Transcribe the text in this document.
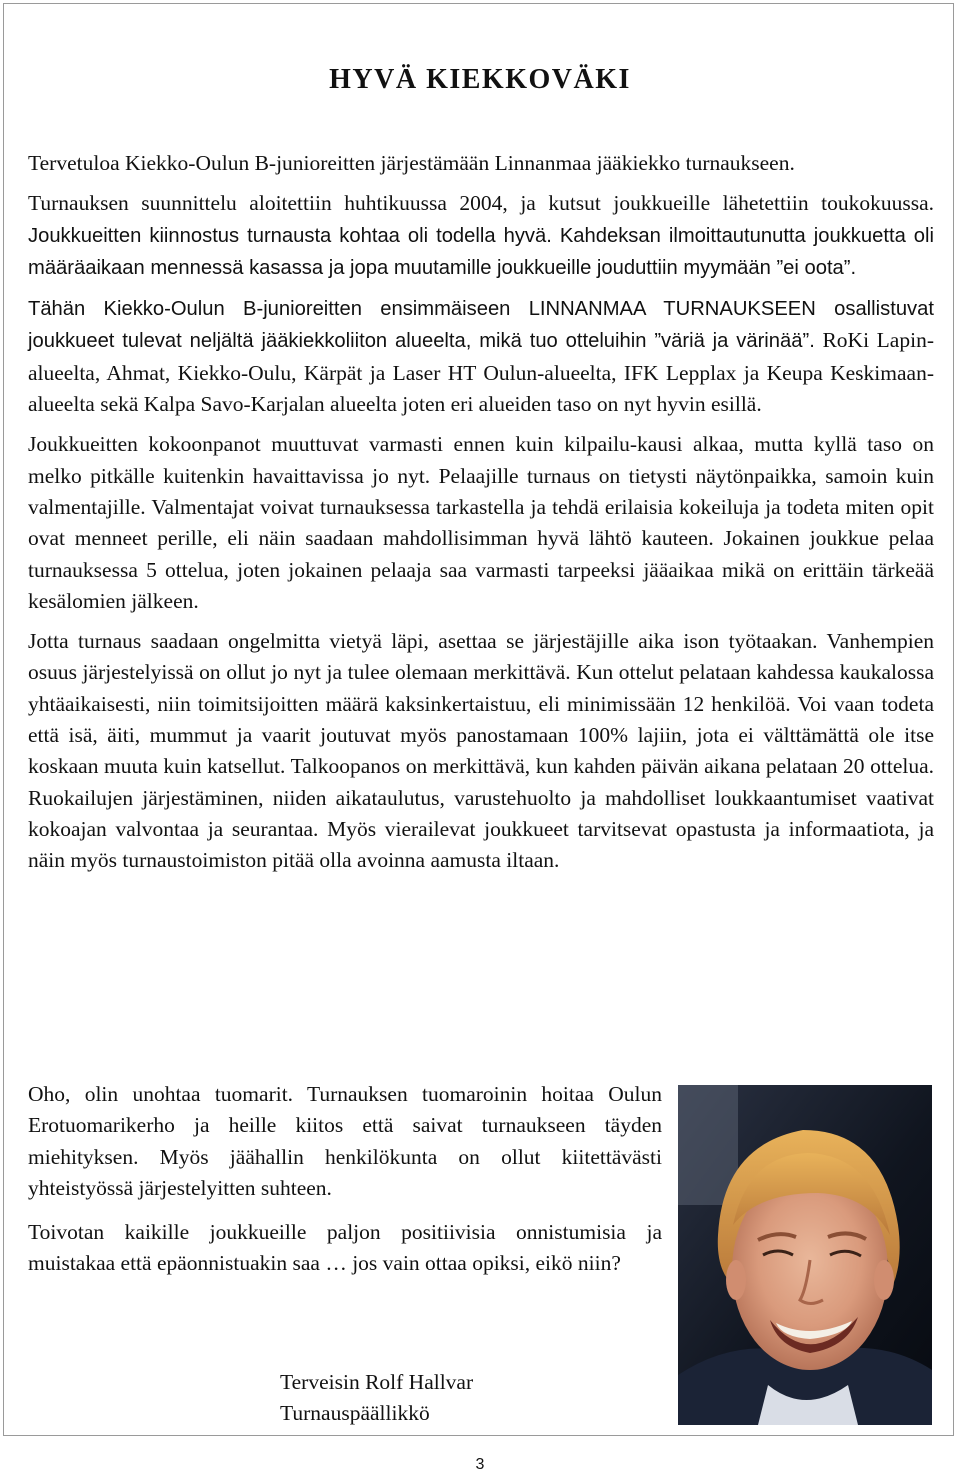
HYVÄ KIEKKOVÄKI

Tervetuloa Kiekko-Oulun B-junioreitten järjestämään Linnanmaa jääkiekko turnaukseen.

Turnauksen suunnittelu aloitettiin huhtikuussa 2004, ja kutsut joukkueille lähetettiin toukokuussa. Joukkueitten kiinnostus turnausta kohtaa oli todella hyvä. Kahdeksan ilmoittautunutta joukkuetta oli määräaikaan mennessä kasassa ja jopa muutamille joukkueille jouduttiin myymään ”ei oota”.

Tähän Kiekko-Oulun B-junioreitten ensimmäiseen LINNANMAA TURNAUKSEEN osallistuvat joukkueet tulevat neljältä jääkiekkoliiton alueelta, mikä tuo otteluihin ”väriä ja värinää”. RoKi Lapin-alueelta, Ahmat, Kiekko-Oulu, Kärpät ja Laser HT Oulun-alueelta, IFK Lepplax ja Keupa Keskimaan-alueelta sekä Kalpa Savo-Karjalan alueelta joten eri alueiden taso on nyt hyvin esillä.

Joukkueitten kokoonpanot muuttuvat varmasti ennen kuin kilpailu-kausi alkaa, mutta kyllä taso on melko pitkälle kuitenkin havaittavissa jo nyt. Pelaajille turnaus on tietysti näytönpaikka, samoin kuin valmentajille. Valmentajat voivat turnauksessa tarkastella ja tehdä erilaisia kokeiluja ja todeta miten opit ovat menneet perille, eli näin saadaan mahdollisimman hyvä lähtö kauteen. Jokainen joukkue pelaa turnauksessa 5 ottelua, joten jokainen pelaaja saa varmasti tarpeeksi jääaikaa mikä on erittäin tärkeää kesälomien jälkeen.

Jotta turnaus saadaan ongelmitta vietyä läpi, asettaa se järjestäjille aika ison työtaakan. Vanhempien osuus järjestelyissä on ollut jo nyt ja tulee olemaan merkittävä. Kun ottelut pelataan kahdessa kaukalossa yhtäaikaisesti, niin toimitsijoitten määrä kaksinkertaistuu, eli minimissään 12 henkilöä. Voi vaan todeta että isä, äiti, mummut ja vaarit joutuvat myös panostamaan 100% lajiin, jota ei välttämättä ole itse koskaan muuta kuin katsellut. Talkoopanos on merkittävä, kun kahden päivän aikana pelataan 20 ottelua. Ruokailujen järjestäminen, niiden aikataulutus, varustehuolto ja mahdolliset loukkaantumiset vaativat kokoajan valvontaa ja seurantaa. Myös vierailevat joukkueet tarvitsevat opastusta ja informaatiota, ja näin myös turnaustoimiston pitää olla avoinna aamusta iltaan.

Oho, olin unohtaa tuomarit. Turnauksen tuomaroinin hoitaa Oulun Erotuomarikerho ja heille kiitos että saivat turnaukseen täyden miehityksen. Myös jäähallin henkilökunta on ollut kiitettävästi yhteistyössä järjestelyitten suhteen.

Toivotan kaikille joukkueille paljon positiivisia onnistumisia ja muistakaa että epäonnistuakin saa … jos vain ottaa opiksi, eikö niin?

Terveisin Rolf Hallvar
Turnauspäällikkö
3
